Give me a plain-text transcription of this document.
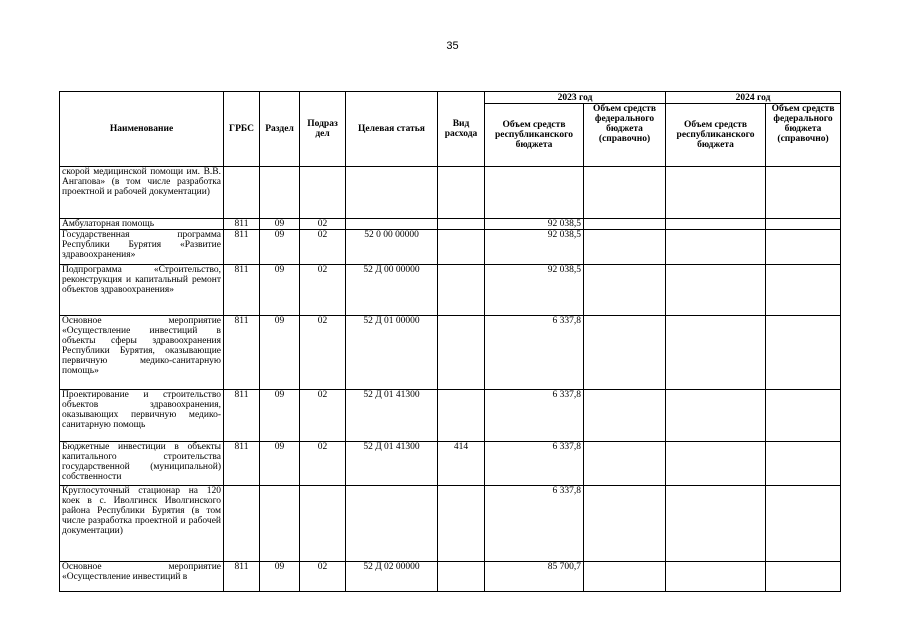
35
Наименование	ГРБС	Раздел	Подраз дел	Целевая статья	Вид расхода	2023 год		2024 год	
						Объем средств республиканского бюджета	Объем средств федерального бюджета (справочно)	Объем средств республиканского бюджета	Объем средств федерального бюджета (справочно)
скорой медицинской помощи им. В.В. Ангапова» (в том числе разработка проектной и рабочей документации)									
Амбулаторная помощь	811	09	02			92 038,5			
Государственная программа Республики Бурятия «Развитие здравоохранения»	811	09	02	52 0 00 00000		92 038,5			
Подпрограмма «Строительство, реконструкция и капитальный ремонт объектов здравоохранения»	811	09	02	52 Д 00 00000		92 038,5			
Основное мероприятие «Осуществление инвестиций в объекты сферы здравоохранения Республики Бурятия, оказывающие первичную медико-санитарную помощь»	811	09	02	52 Д 01 00000		6 337,8			
Проектирование и строительство объектов здравоохранения, оказывающих первичную медико-санитарную помощь	811	09	02	52 Д 01 41300		6 337,8			
Бюджетные инвестиции в объекты капитального строительства государственной (муниципальной) собственности	811	09	02	52 Д 01 41300	414	6 337,8			
Круглосуточный стационар на 120 коек в с. Иволгинск Иволгинского района Республики Бурятия (в том числе разработка проектной и рабочей документации)						6 337,8			
Основное мероприятие «Осуществление инвестиций в	811	09	02	52 Д 02 00000		85 700,7			
